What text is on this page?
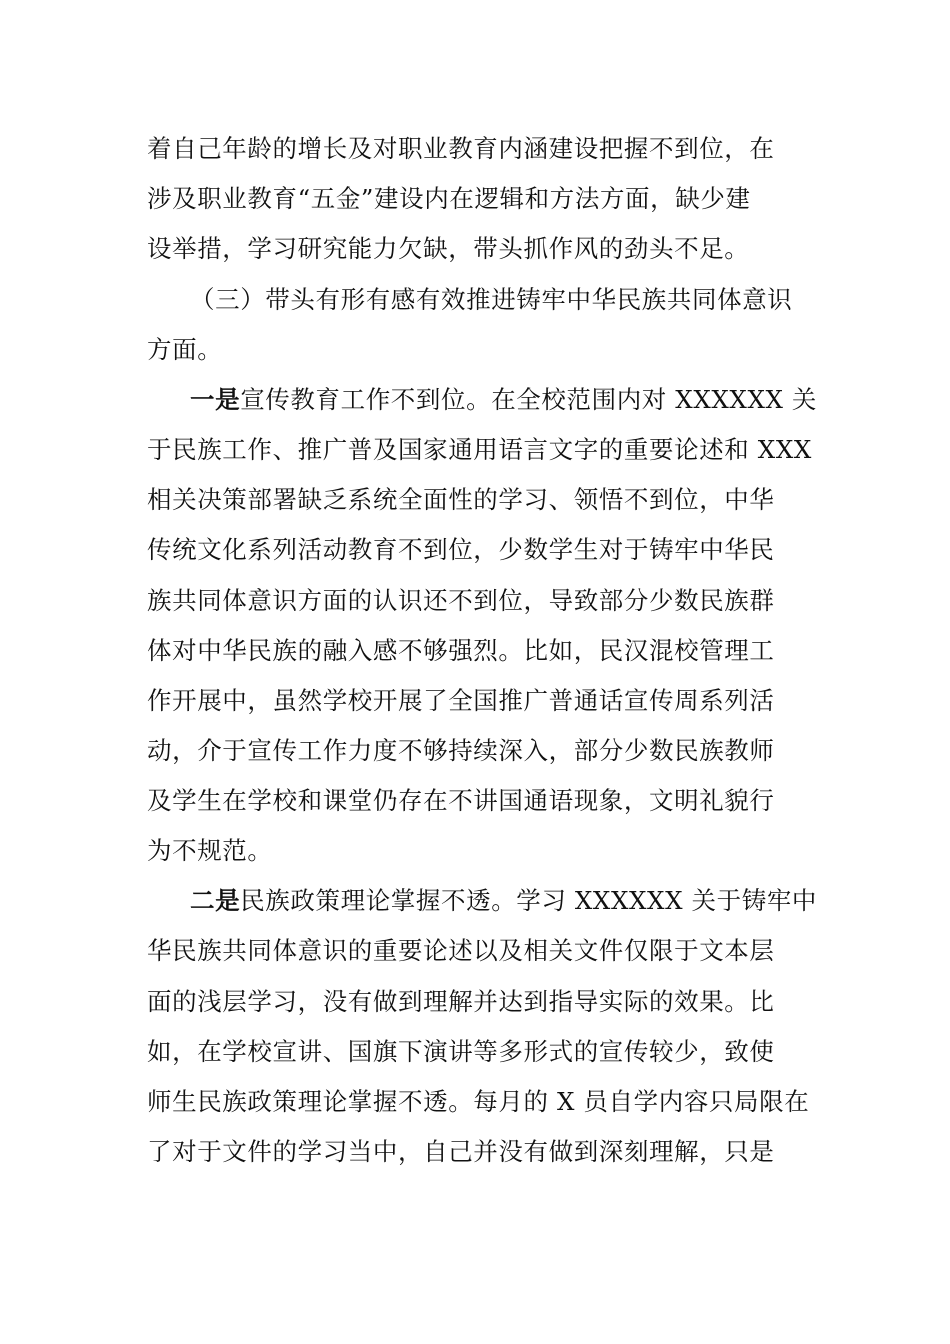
着自己年龄的增长及对职业教育内涵建设把握不到位，在
涉及职业教育“五金”建设内在逻辑和方法方面，缺少建
设举措，学习研究能力欠缺，带头抓作风的劲头不足。
（三）带头有形有感有效推进铸牢中华民族共同体意识
方面。
一是宣传教育工作不到位。在全校范围内对 XXXXXX 关
于民族工作、推广普及国家通用语言文字的重要论述和 XXX
相关决策部署缺乏系统全面性的学习、领悟不到位，中华
传统文化系列活动教育不到位，少数学生对于铸牢中华民
族共同体意识方面的认识还不到位，导致部分少数民族群
体对中华民族的融入感不够强烈。比如，民汉混校管理工
作开展中，虽然学校开展了全国推广普通话宣传周系列活
动，介于宣传工作力度不够持续深入，部分少数民族教师
及学生在学校和课堂仍存在不讲国通语现象，文明礼貌行
为不规范。
二是民族政策理论掌握不透。学习 XXXXXX 关于铸牢中
华民族共同体意识的重要论述以及相关文件仅限于文本层
面的浅层学习，没有做到理解并达到指导实际的效果。比
如，在学校宣讲、国旗下演讲等多形式的宣传较少，致使
师生民族政策理论掌握不透。每月的 X 员自学内容只局限在
了对于文件的学习当中，自己并没有做到深刻理解，只是
